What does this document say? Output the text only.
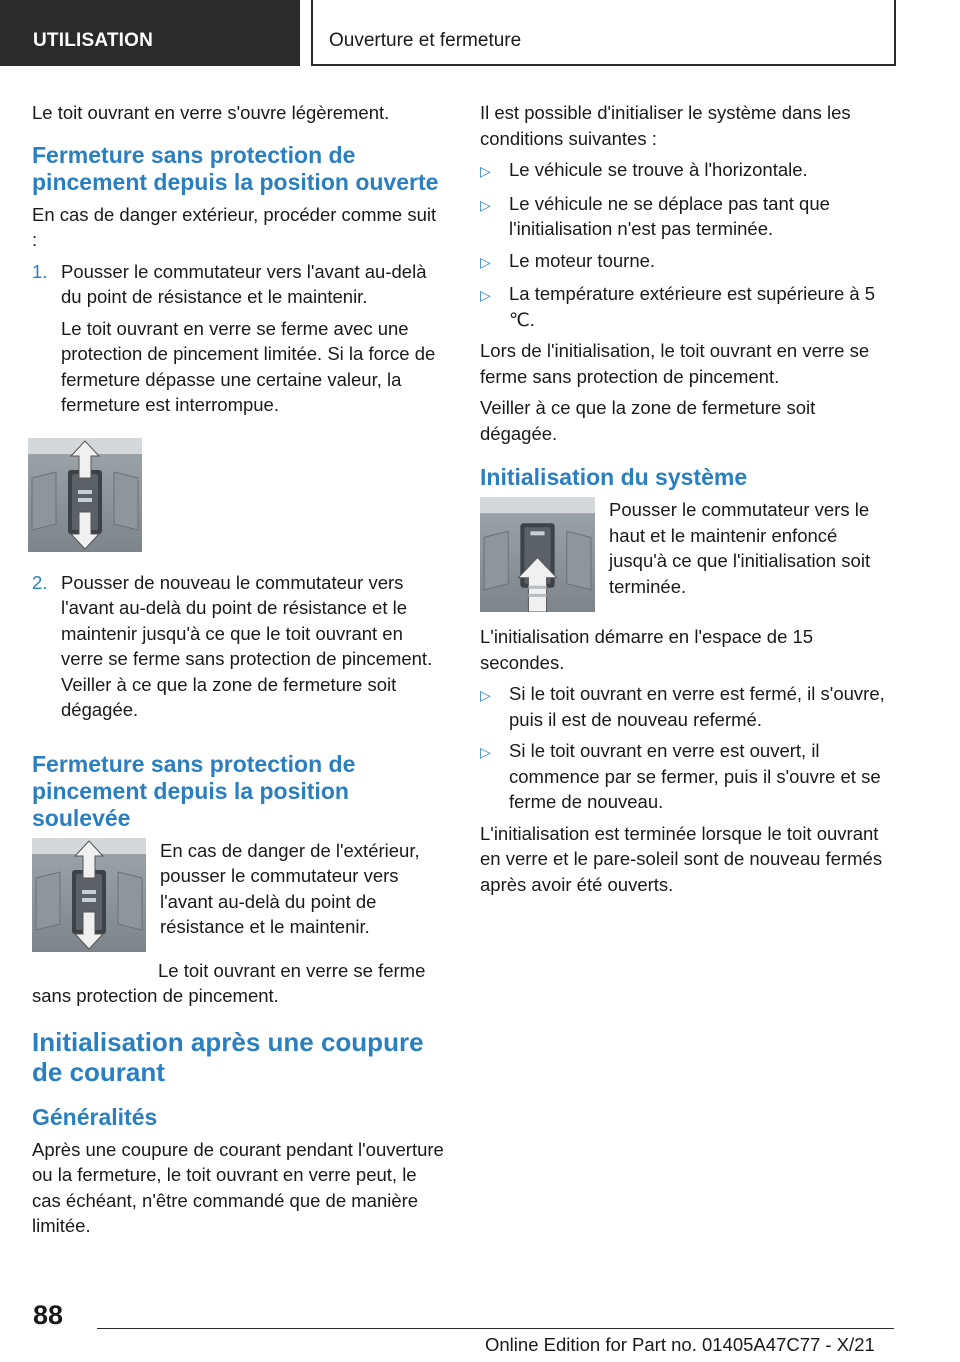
UTILISATION	Ouverture et fermeture

Le toit ouvrant en verre s'ouvre légèrement.

Fermeture sans protection de pincement depuis la position ouverte

En cas de danger extérieur, procéder comme suit :

1. Pousser le commutateur vers l'avant au-delà du point de résistance et le maintenir.

Le toit ouvrant en verre se ferme avec une protection de pincement limitée. Si la force de fermeture dépasse une certaine valeur, la fermeture est interrompue.

2. Pousser de nouveau le commutateur vers l'avant au-delà du point de résistance et le maintenir jusqu'à ce que le toit ouvrant en verre se ferme sans protection de pincement. Veiller à ce que la zone de fermeture soit dégagée.

Fermeture sans protection de pincement depuis la position soulevée

En cas de danger de l'extérieur, pousser le commutateur vers l'avant au-delà du point de résistance et le maintenir.

Le toit ouvrant en verre se ferme sans protection de pincement.

Initialisation après une coupure de courant
Généralités

Après une coupure de courant pendant l'ouverture ou la fermeture, le toit ouvrant en verre peut, le cas échéant, n'être commandé que de manière limitée.

Il est possible d'initialiser le système dans les conditions suivantes :

▷ Le véhicule se trouve à l'horizontale.
▷ Le véhicule ne se déplace pas tant que l'initialisation n'est pas terminée.
▷ Le moteur tourne.
▷ La température extérieure est supérieure à 5 ℃.

Lors de l'initialisation, le toit ouvrant en verre se ferme sans protection de pincement.

Veiller à ce que la zone de fermeture soit dégagée.

Initialisation du système

Pousser le commutateur vers le haut et le maintenir enfoncé jusqu'à ce que l'initialisation soit terminée.

L'initialisation démarre en l'espace de 15 secondes.

▷ Si le toit ouvrant en verre est fermé, il s'ouvre, puis il est de nouveau refermé.
▷ Si le toit ouvrant en verre est ouvert, il commence par se fermer, puis il s'ouvre et se ferme de nouveau.

L'initialisation est terminée lorsque le toit ouvrant en verre et le pare-soleil sont de nouveau fermés après avoir été ouverts.

88
Online Edition for Part no. 01405A47C77 - X/21
